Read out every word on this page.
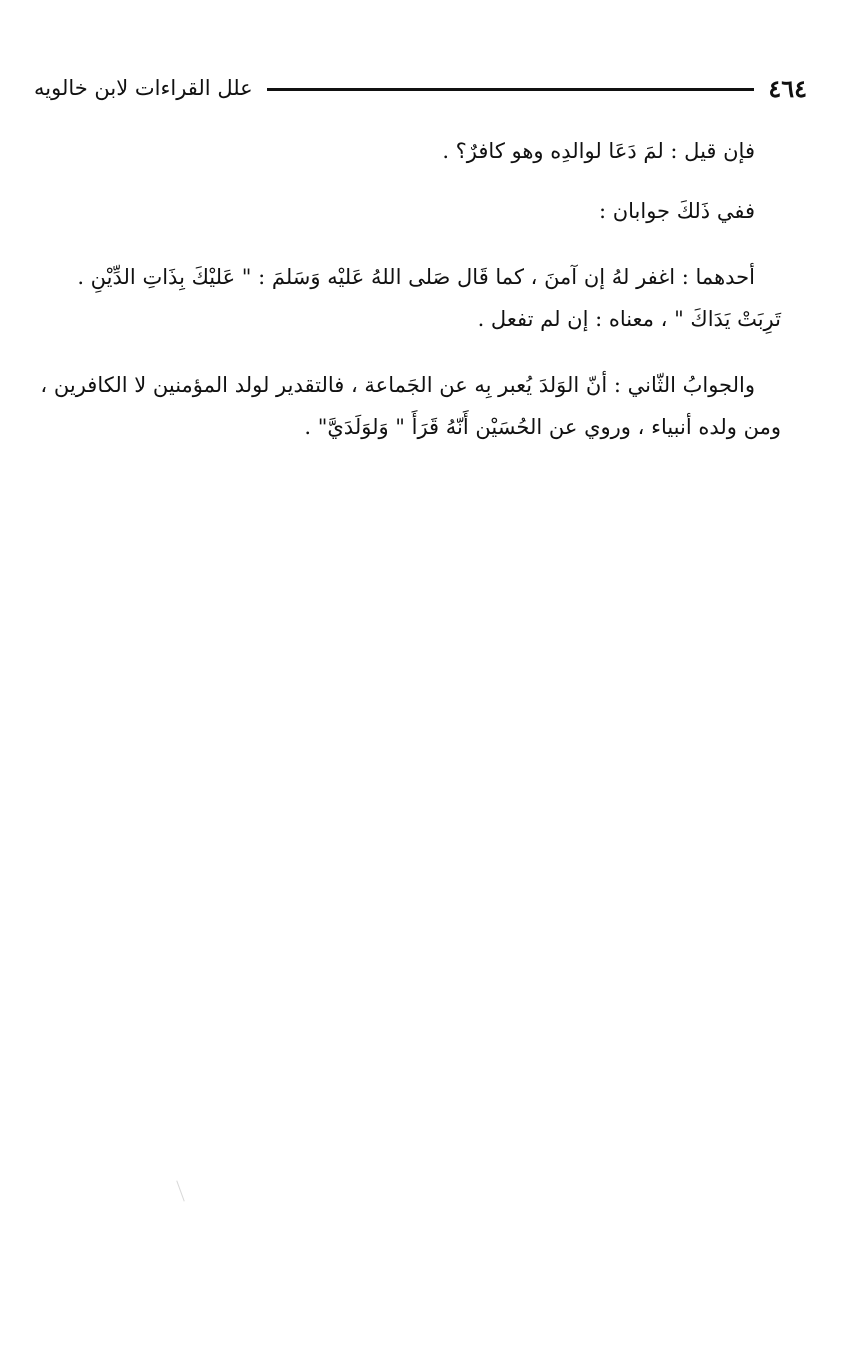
٤٦٤
علل القراءات لابن خالويه

فإن قيل : لمَ دَعَا لوالدِه وهو كافرٌ؟ .

ففي ذَلكَ جوابان :

أحدهما : اغفر لهُ إن آمنَ ، كما قَال صَلى اللهُ عَليْه وَسَلمَ : " عَليْكَ بِذَاتِ الدِّيْنِ .
تَرِبَتْ يَدَاكَ " ، معناه : إن لم تفعل .

والجوابُ الثّاني : أنّ الوَلدَ يُعبر بِه عن الجَماعة ، فالتقدير لولد المؤمنين لا الكافرين ،
ومن ولده أنبياء ، وروي عن الحُسَيْن أَنّهُ قَرَأَ " وَلوَلَدَيَّ" .
